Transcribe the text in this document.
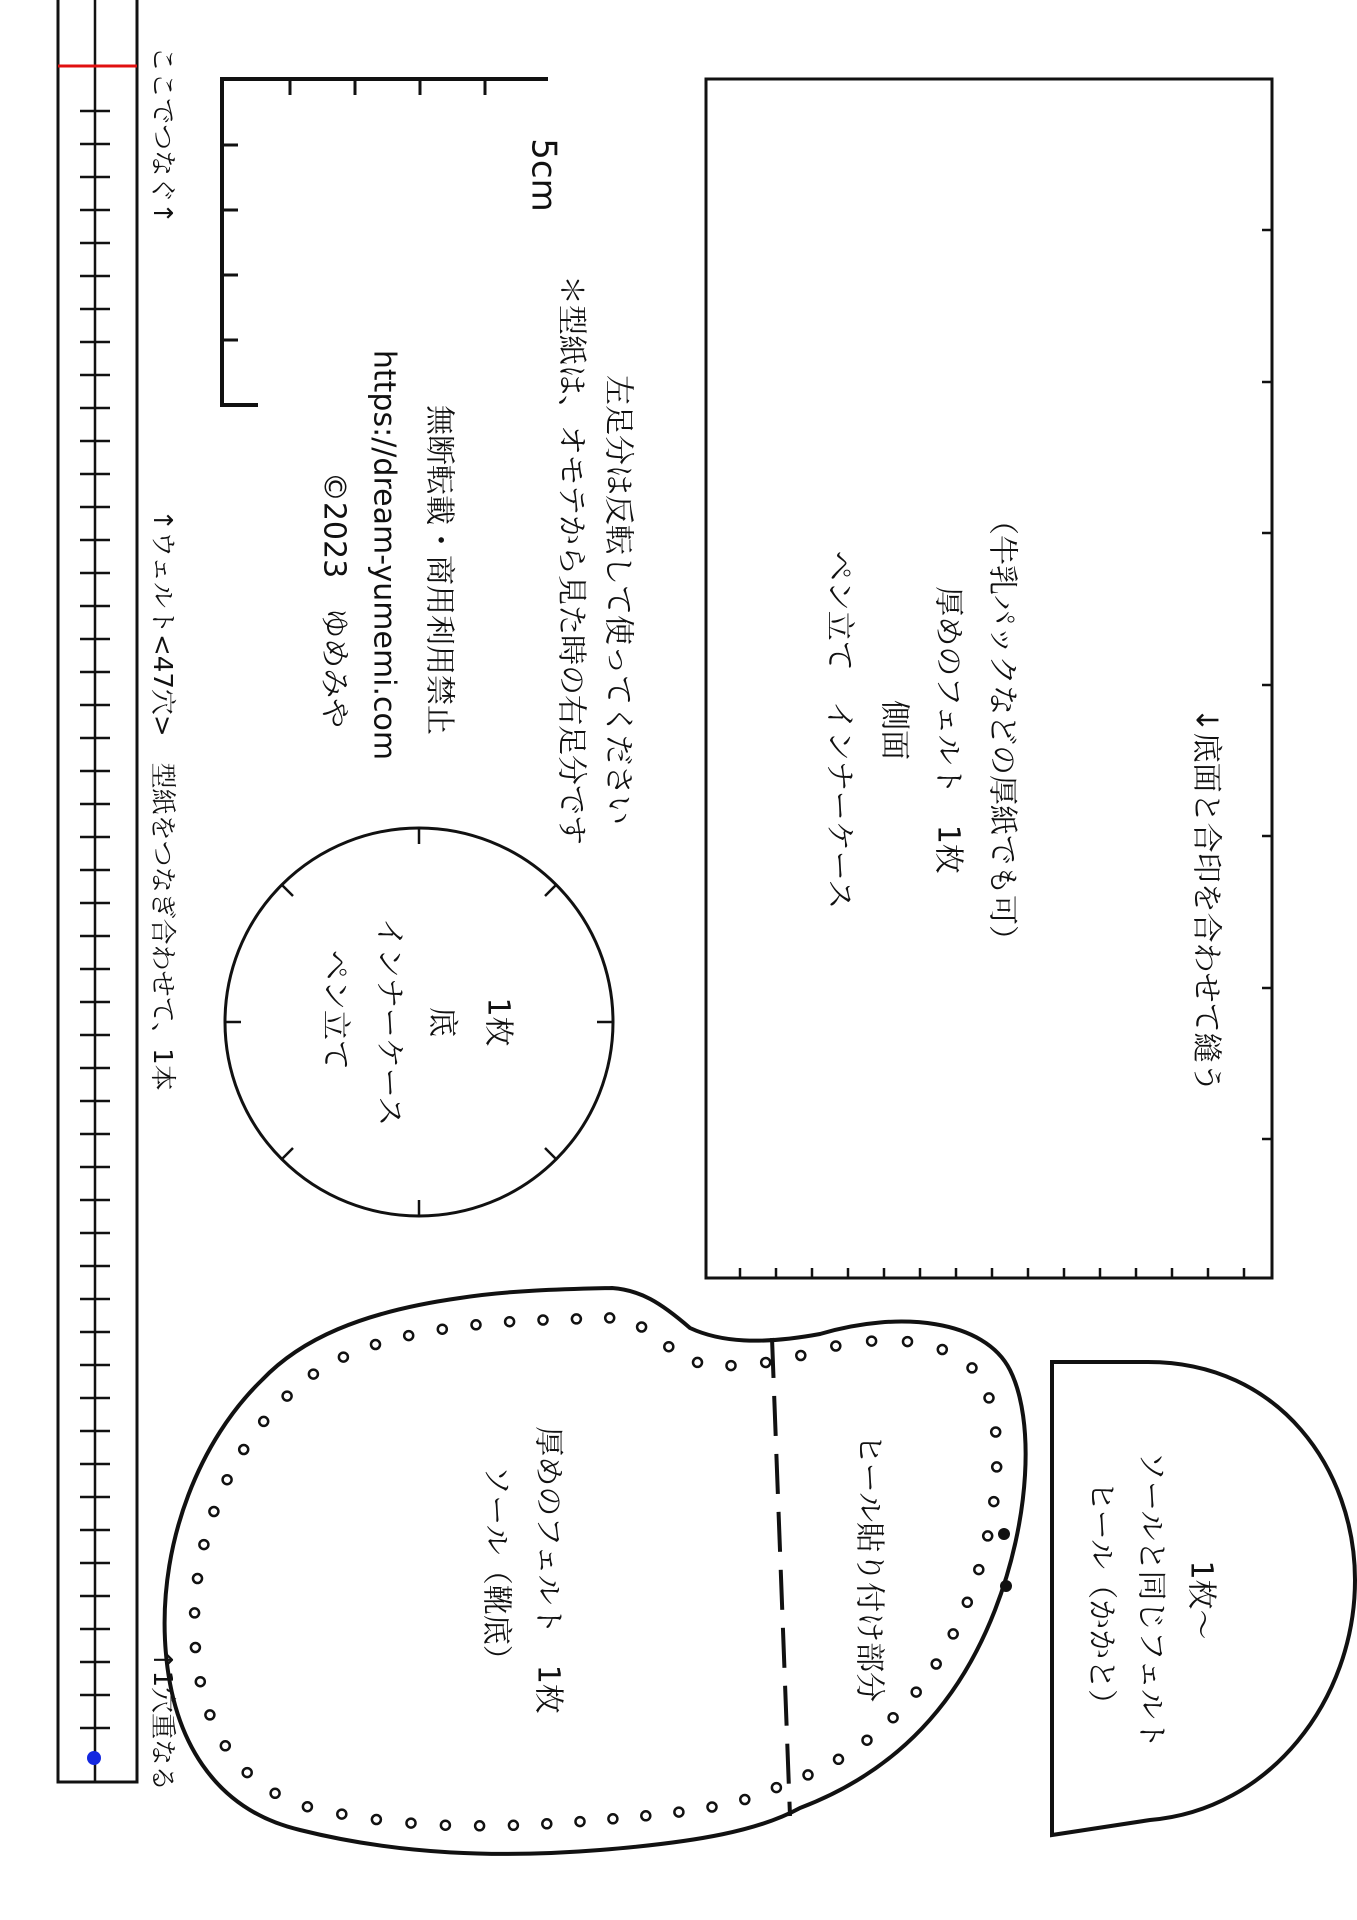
ここでつなぐ↑
↑ウェルト<47穴>　型紙をつなぎ合わせて、1本
↑1穴重なる
5cm
©2023　ゆめみや https://dream-yumemi.com 無断転載・商用利用禁止	＊型紙は、オモテから見た時の右足分です 左足分は反転して使ってください
ペン立て インナーケース 底 1枚
ペン立て　インナーケース 側面 厚めのフェルト　1枚 （牛乳パックなどの厚紙でも可）	↓底面と合印を合わせて縫う
ソール（靴底） 厚めのフェルト　1枚	ヒール貼り付け部分	ヒール（かかと） ソールと同じフェルト 1枚～
